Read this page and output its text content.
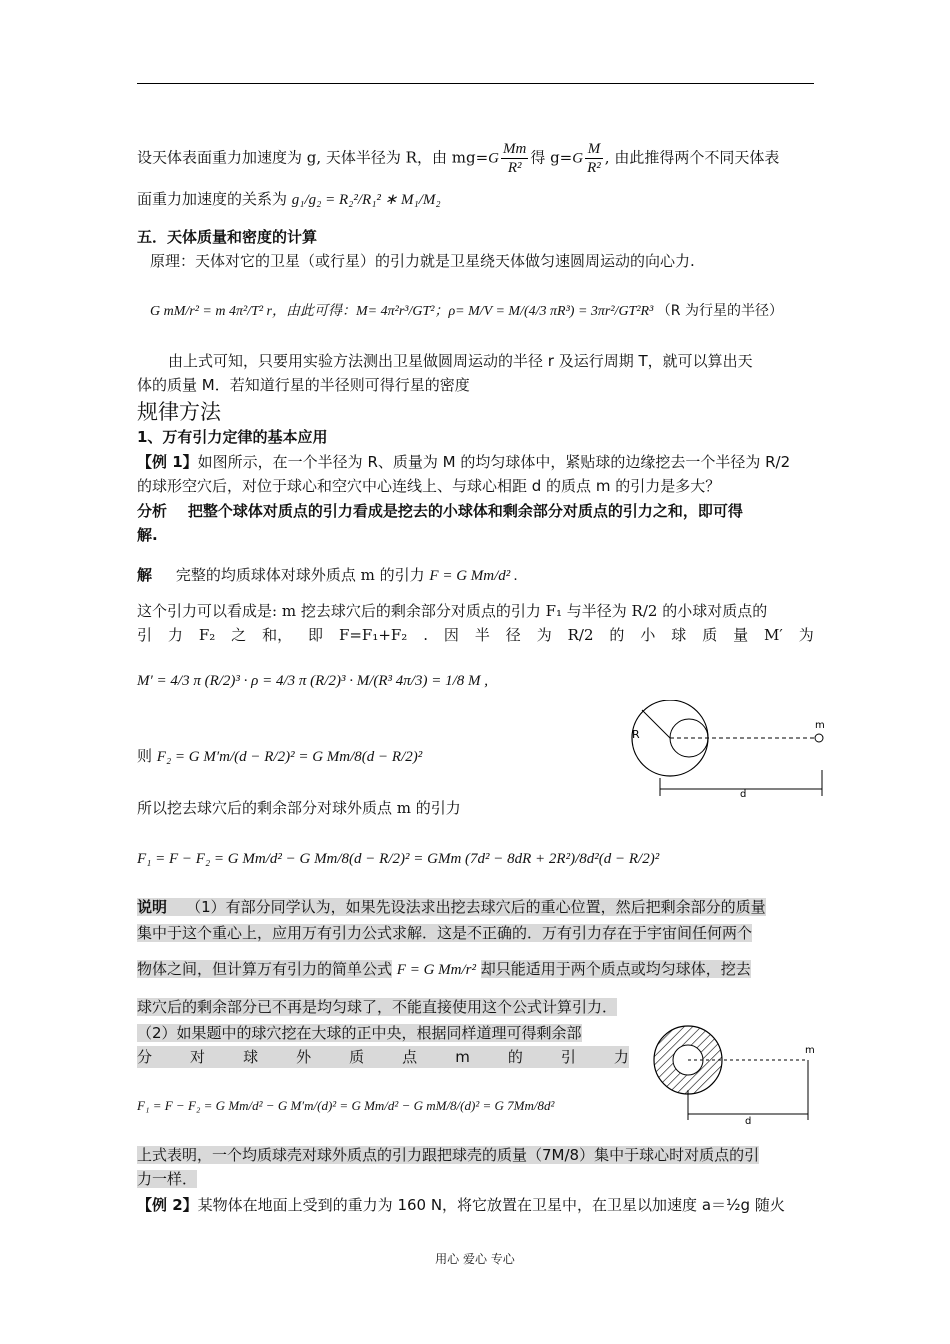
设天体表面重力加速度为 g, 天体半径为 R，由 $mg=G \frac{Mm}{\text{R²}}$ 得 $g=G \frac{M}{\text{R²}}$ , 由此推得两个不同天体表
面重力加速度的关系为 g₁/g₂ = R₂²/R₁² ∗ M₁/M₂
五．天体质量和密度的计算
原理：天体对它的卫星（或行星）的引力就是卫星绕天体做匀速圆周运动的向心力.
G mM/r² = m 4π²/T² r，由此可得：M= 4π²r³/GT²；ρ= M/V = M/(4/3 πR³) = 3πr²/GT²R³ （R 为行星的半径）
由上式可知，只要用实验方法测出卫星做圆周运动的半径 r 及运行周期 T，就可以算出天
体的质量 M．若知道行星的半径则可得行星的密度
规律方法
1、万有引力定律的基本应用
【例 1】如图所示，在一个半径为 R、质量为 M 的均匀球体中，紧贴球的边缘挖去一个半径为 R/2
的球形空穴后，对位于球心和空穴中心连线上、与球心相距 d 的质点 m 的引力是多大？
分析 把整个球体对质点的引力看成是挖去的小球体和剩余部分对质点的引力之和，即可得
解.
解 完整的均质球体对球外质点 m 的引力 F = G Mm/d² .
这个引力可以看成是: m 挖去球穴后的剩余部分对质点的引力 F₁ 与半径为 R/2 的小球对质点的
引 力 F₂ 之 和， 即 F=F₁+F₂ . 因 半 径 为 R/2 的 小 球 质 量 M′ 为
M′ = 4/3 π (R/2)³ · ρ = 4/3 π (R/2)³ · M/(R³ 4π/3) = 1/8 M ,
则 F₂ = G M′m/(d − R/2)² = G Mm/8(d − R/2)²
所以挖去球穴后的剩余部分对球外质点 m 的引力
F₁ = F − F₂ = G Mm/d² − G Mm/8(d − R/2)² = GMm (7d² − 8dR + 2R²)/8d²(d − R/2)²
R
m
d
说明 （1）有部分同学认为，如果先设法求出挖去球穴后的重心位置，然后把剩余部分的质量
集中于这个重心上，应用万有引力公式求解．这是不正确的．万有引力存在于宇宙间任何两个
物体之间，但计算万有引力的简单公式 F = G Mm/r² 却只能适用于两个质点或均匀球体，挖去
球穴后的剩余部分已不再是均匀球了，不能直接使用这个公式计算引力．
（2）如果题中的球穴挖在大球的正中央，根据同样道理可得剩余部
分	对	球	外	质	点	m	的	引	力
F₁ = F − F₂ = G Mm/d² − G M′m/(d)² = G Mm/d² − G mM/8/(d)² = G 7Mm/8d²
m
d
上式表明，一个均质球壳对球外质点的引力跟把球壳的质量（7M/8）集中于球心时对质点的引
力一样．
【例 2】某物体在地面上受到的重力为 160 N，将它放置在卫星中，在卫星以加速度 a＝½g 随火
用心 爱心 专心
